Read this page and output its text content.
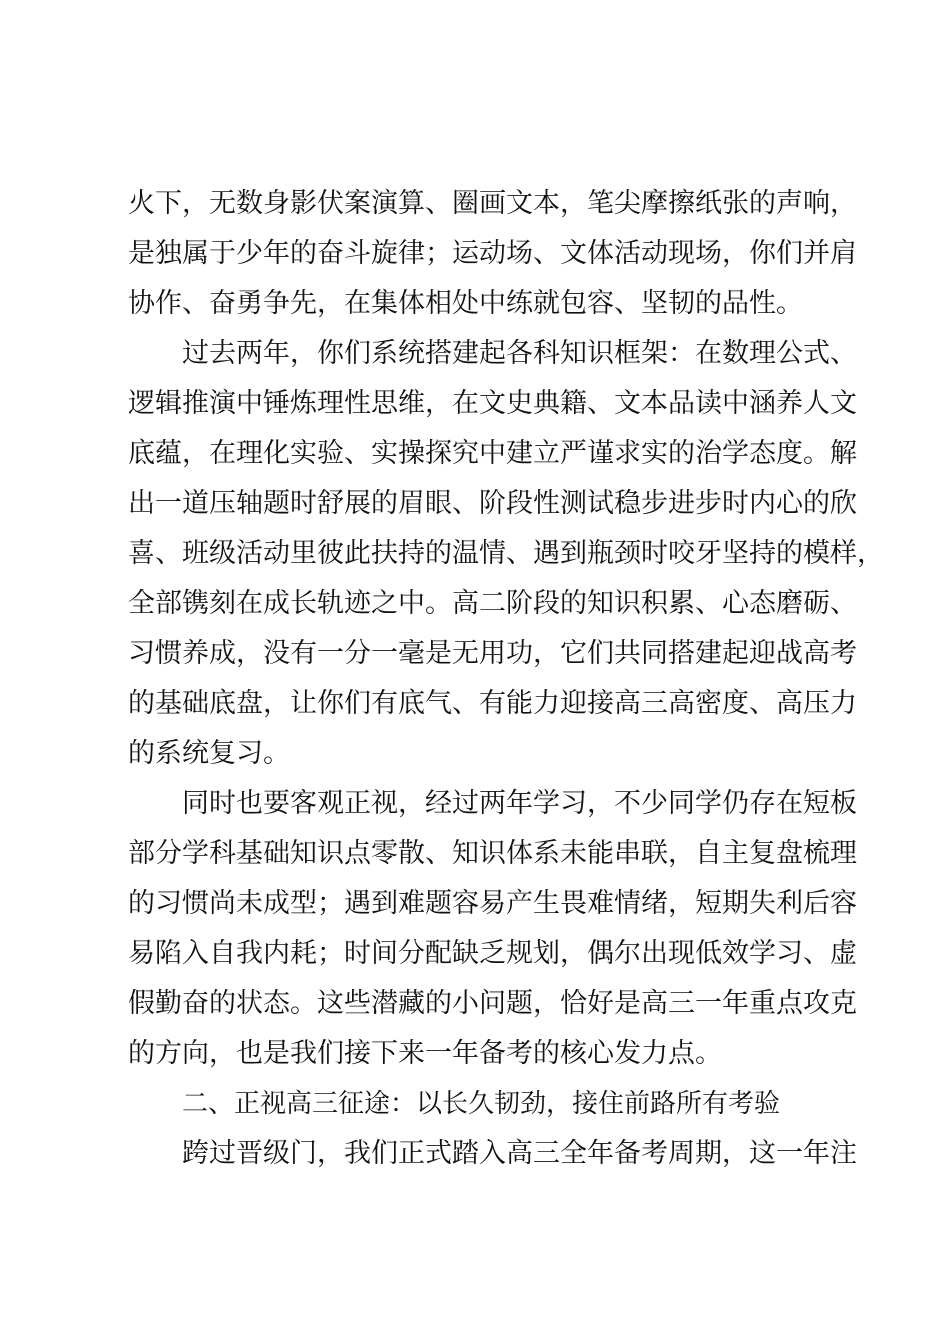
火下，无数身影伏案演算、圈画文本，笔尖摩擦纸张的声响，
是独属于少年的奋斗旋律；运动场、文体活动现场，你们并肩
协作、奋勇争先，在集体相处中练就包容、坚韧的品性。
过去两年，你们系统搭建起各科知识框架：在数理公式、
逻辑推演中锤炼理性思维，在文史典籍、文本品读中涵养人文
底蕴，在理化实验、实操探究中建立严谨求实的治学态度。解
出一道压轴题时舒展的眉眼、阶段性测试稳步进步时内心的欣
喜、班级活动里彼此扶持的温情、遇到瓶颈时咬牙坚持的模样，
全部镌刻在成长轨迹之中。高二阶段的知识积累、心态磨砺、
习惯养成，没有一分一毫是无用功，它们共同搭建起迎战高考
的基础底盘，让你们有底气、有能力迎接高三高密度、高压力
的系统复习。
同时也要客观正视，经过两年学习，不少同学仍存在短板
部分学科基础知识点零散、知识体系未能串联，自主复盘梳理
的习惯尚未成型；遇到难题容易产生畏难情绪，短期失利后容
易陷入自我内耗；时间分配缺乏规划，偶尔出现低效学习、虚
假勤奋的状态。这些潜藏的小问题，恰好是高三一年重点攻克
的方向，也是我们接下来一年备考的核心发力点。
二、正视高三征途：以长久韧劲，接住前路所有考验
跨过晋级门，我们正式踏入高三全年备考周期，这一年注
